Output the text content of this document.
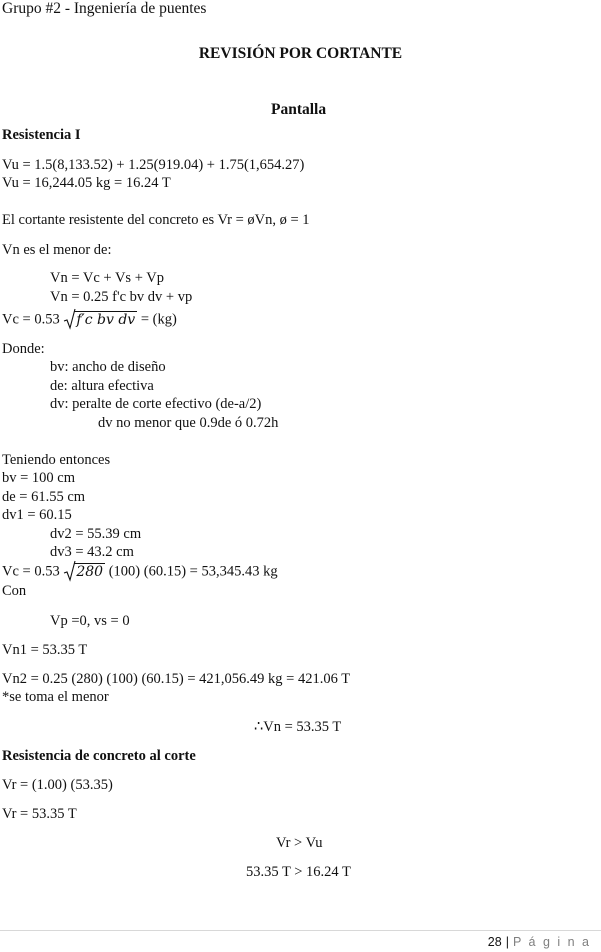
Grupo #2 - Ingeniería de puentes
REVISIÓN POR CORTANTE
Pantalla
Resistencia I
Vu = 1.5(8,133.52) + 1.25(919.04) + 1.75(1,654.27)
Vu = 16,244.05 kg = 16.24 T
El cortante resistente del concreto es Vr = øVn, ø = 1
Vn es el menor de:
Vn = Vc + Vs + Vp
Vn = 0.25 f'c bv dv + vp
Vc = 0.53 f′c bv dv = (kg)
Donde:
bv: ancho de diseño
de: altura efectiva
dv: peralte de corte efectivo (de-a/2)
dv no menor que 0.9de ó 0.72h
Teniendo entonces
bv = 100 cm
de = 61.55 cm
dv1 = 60.15
dv2 = 55.39 cm
dv3 = 43.2 cm
Vc = 0.53 280 (100) (60.15) = 53,345.43 kg
Con
Vp =0, vs = 0
Vn1 = 53.35 T
Vn2 = 0.25 (280) (100) (60.15) = 421,056.49 kg = 421.06 T
*se toma el menor
∴Vn = 53.35 T
Resistencia de concreto al corte
Vr = (1.00) (53.35)
Vr = 53.35 T
Vr > Vu
53.35 T > 16.24 T
28 | P á g i n a
